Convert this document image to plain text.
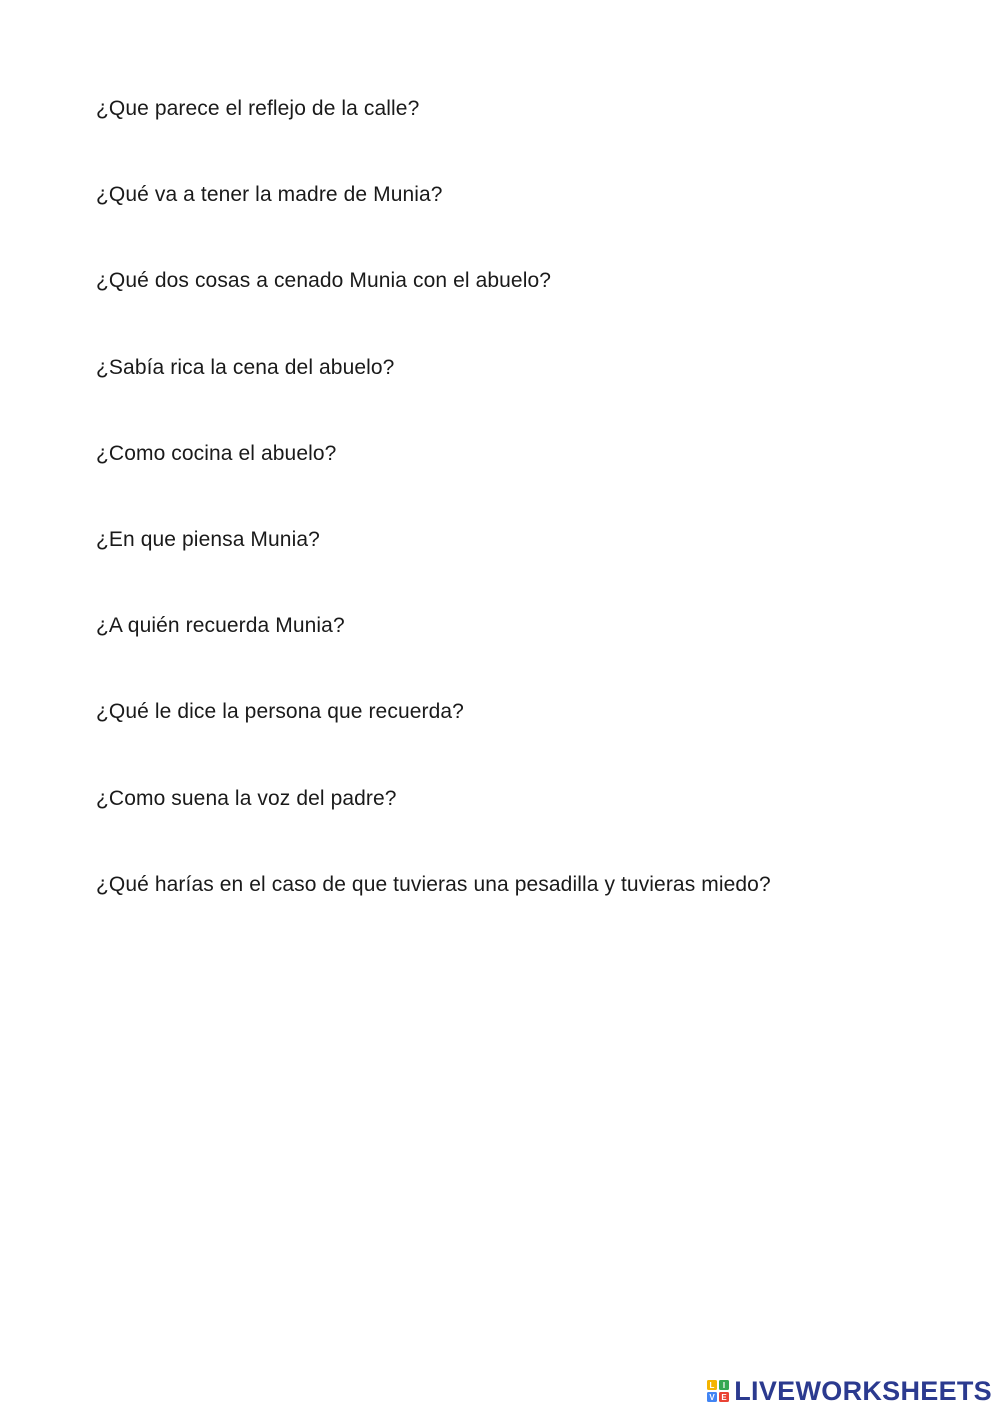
¿Que parece el reflejo de la calle?
¿Qué va a tener la madre de Munia?
¿Qué dos cosas a cenado Munia con el abuelo?
¿Sabía rica la cena del abuelo?
¿Como cocina el abuelo?
¿En que piensa Munia?
¿A quién recuerda Munia?
¿Qué le dice la persona que recuerda?
¿Como suena la voz del padre?
¿Qué harías en el caso de que tuvieras una pesadilla y tuvieras miedo?
L I
V E LIVEWORKSHEETS
